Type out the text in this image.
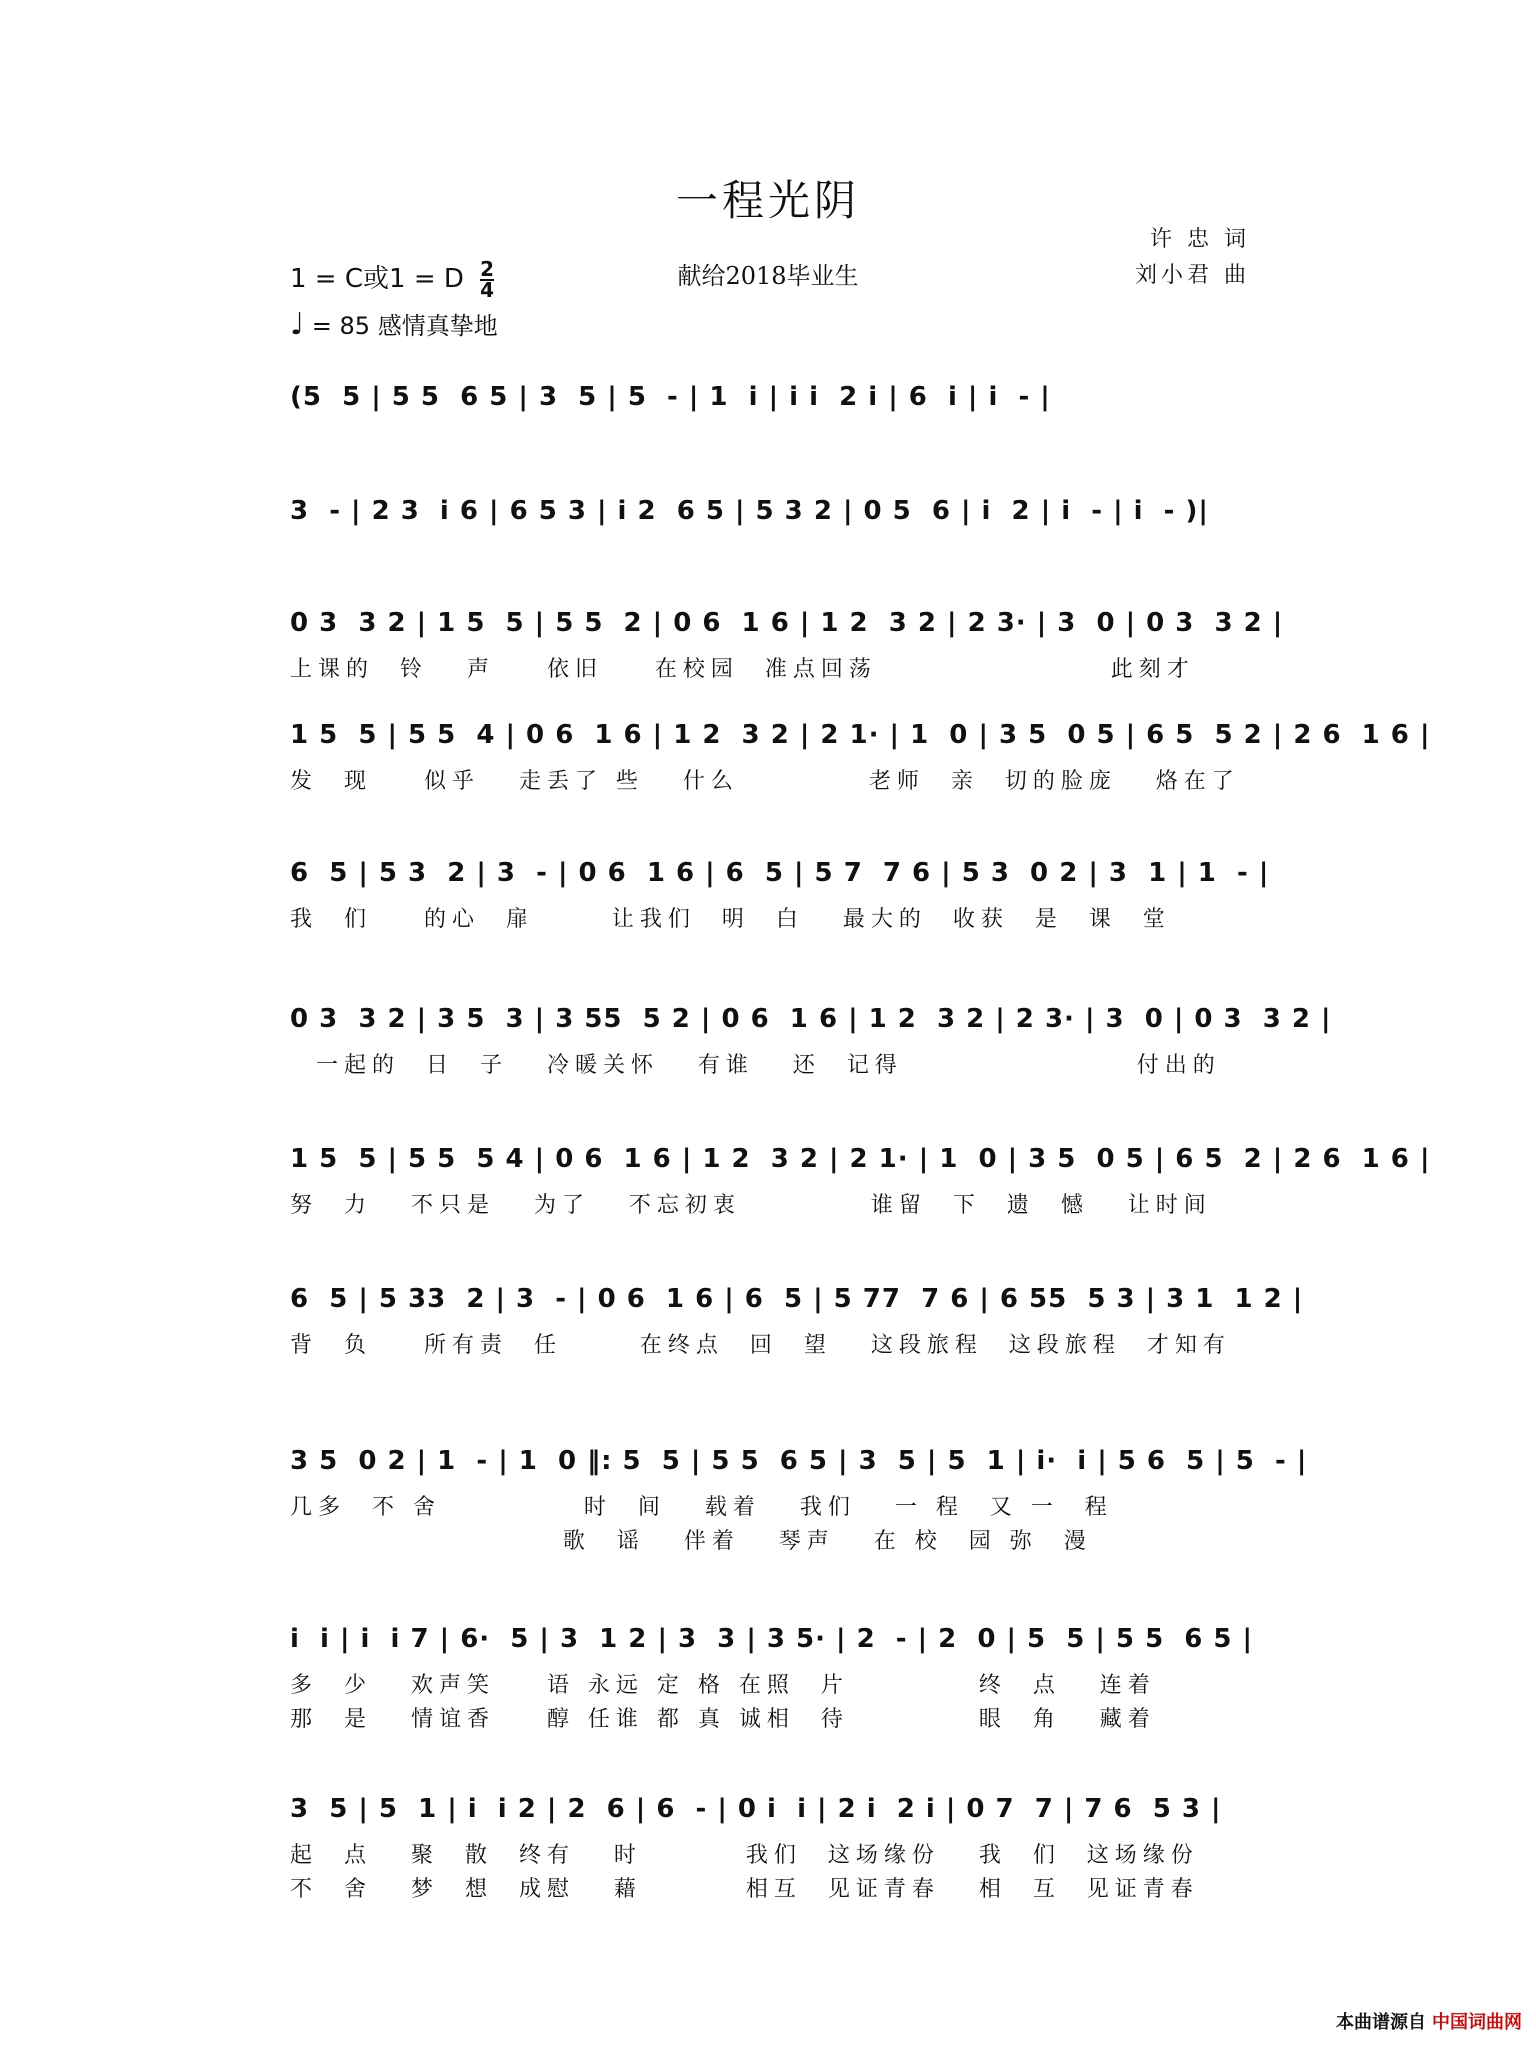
一程光阴
献给2018毕业生
许 忠 词
刘小君 曲
1 = C或1 = D $\frac{2}{4}$
♩ = 85 感情真挚地
(5  5 | 5 5  6 5 | 3  5 | 5  - | 1  i | i i  2 i | 6  i | i  - |
3  - | 2 3  i 6 | 6 5 3 | i 2  6 5 | 5 3 2 | 0 5  6 | i  2 | i  - | i  - )|
0 3  3 2 | 1 5  5 | 5 5  2 | 0 6  1 6 | 1 2  3 2 | 2 3· | 3  0 | 0 3  3 2 |
上课的  铃   声    依旧    在校园  准点回荡                  此刻才
1 5  5 | 5 5  4 | 0 6  1 6 | 1 2  3 2 | 2 1· | 1  0 | 3 5  0 5 | 6 5  5 2 | 2 6  1 6 |
发  现    似乎   走丢了 些   什么          老师  亲  切的脸庞   烙在了
6  5 | 5 3  2 | 3  - | 0 6  1 6 | 6  5 | 5 7  7 6 | 5 3  0 2 | 3  1 | 1  - |
我  们    的心  扉      让我们  明  白   最大的  收获  是  课  堂
0 3  3 2 | 3 5  3 | 3 55  5 2 | 0 6  1 6 | 1 2  3 2 | 2 3· | 3  0 | 0 3  3 2 |
一起的  日  子   冷暖关怀   有谁   还  记得                  付出的
1 5  5 | 5 5  5 4 | 0 6  1 6 | 1 2  3 2 | 2 1· | 1  0 | 3 5  0 5 | 6 5  2 | 2 6  1 6 |
努  力   不只是   为了   不忘初衷          谁留  下  遗  憾   让时间
6  5 | 5 33  2 | 3  - | 0 6  1 6 | 6  5 | 5 77  7 6 | 6 55  5 3 | 3 1  1 2 |
背  负    所有责  任      在终点  回  望   这段旅程  这段旅程  才知有
3 5  0 2 | 1  - | 1  0 ‖: 5  5 | 5 5  6 5 | 3  5 | 5  1 | i·  i | 5 6  5 | 5  - |
几多  不 舍           时  间   载着   我们   一 程  又 一  程
歌  谣   伴着   琴声   在 校  园 弥  漫
i  i | i  i 7 | 6·  5 | 3  1 2 | 3  3 | 3 5· | 2  - | 2  0 | 5  5 | 5 5  6 5 |
多  少   欢声笑    语 永远 定 格 在照  片          终  点   连着
那  是   情谊香    醇 任谁 都 真 诚相  待          眼  角   藏着
3  5 | 5  1 | i  i 2 | 2  6 | 6  - | 0 i  i | 2 i  2 i | 0 7  7 | 7 6  5 3 |
起  点   聚  散  终有   时        我们  这场缘份   我  们  这场缘份
不  舍   梦  想  成慰   藉        相互  见证青春   相  互  见证青春
本曲谱源自 中国词曲网
